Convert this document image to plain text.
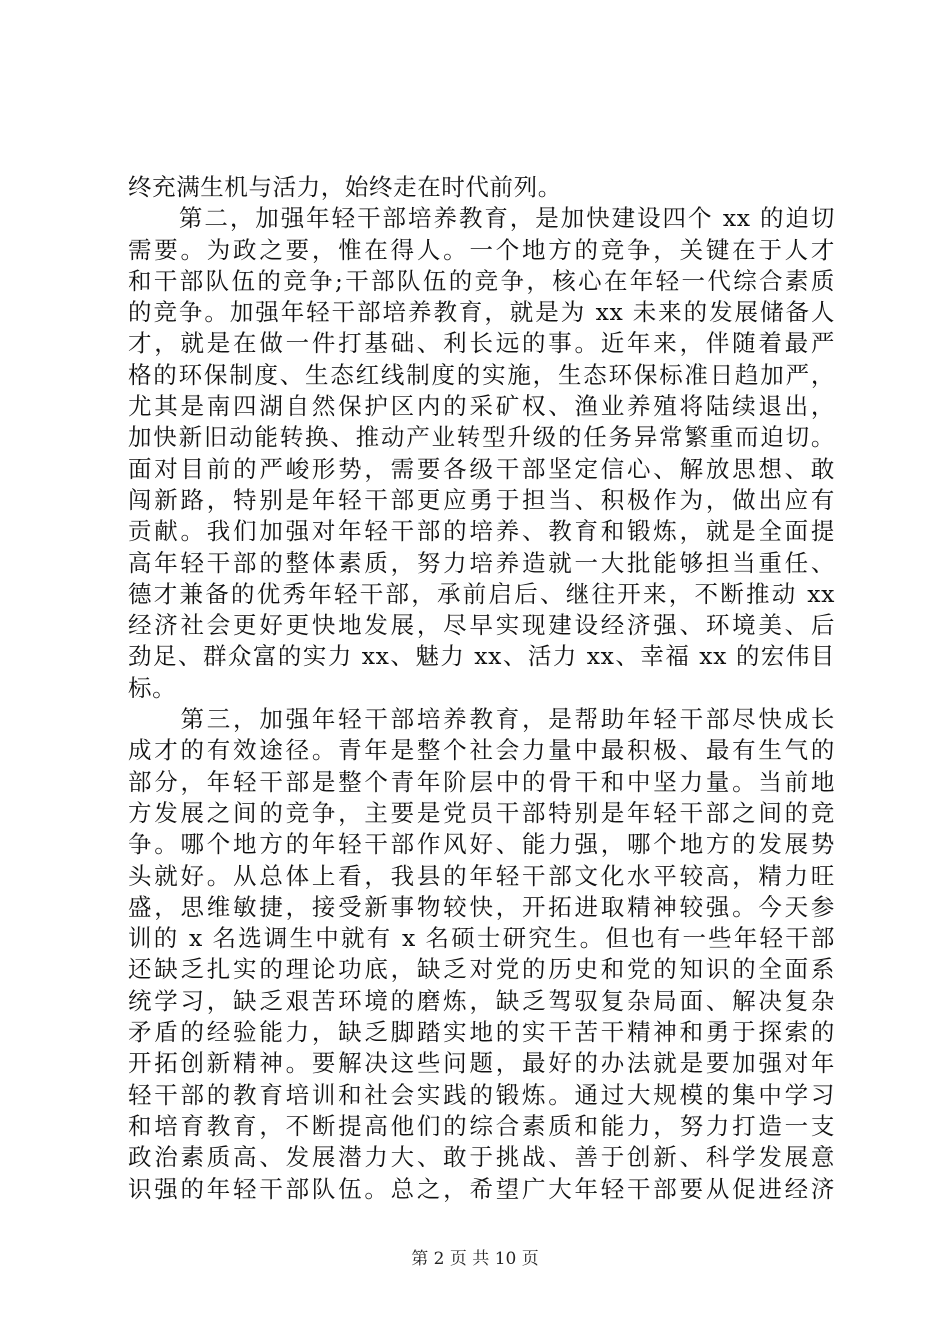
终充满生机与活力，始终走在时代前列。
　　第二，加强年轻干部培养教育，是加快建设四个 xx 的迫切
需要。为政之要，惟在得人。一个地方的竞争，关键在于人才
和干部队伍的竞争;干部队伍的竞争，核心在年轻一代综合素质
的竞争。加强年轻干部培养教育，就是为 xx 未来的发展储备人
才，就是在做一件打基础、利长远的事。近年来，伴随着最严
格的环保制度、生态红线制度的实施，生态环保标准日趋加严，
尤其是南四湖自然保护区内的采矿权、渔业养殖将陆续退出，
加快新旧动能转换、推动产业转型升级的任务异常繁重而迫切。
面对目前的严峻形势，需要各级干部坚定信心、解放思想、敢
闯新路，特别是年轻干部更应勇于担当、积极作为，做出应有
贡献。我们加强对年轻干部的培养、教育和锻炼，就是全面提
高年轻干部的整体素质，努力培养造就一大批能够担当重任、
德才兼备的优秀年轻干部，承前启后、继往开来，不断推动 xx
经济社会更好更快地发展，尽早实现建设经济强、环境美、后
劲足、群众富的实力 xx、魅力 xx、活力 xx、幸福 xx 的宏伟目
标。
　　第三，加强年轻干部培养教育，是帮助年轻干部尽快成长
成才的有效途径。青年是整个社会力量中最积极、最有生气的
部分，年轻干部是整个青年阶层中的骨干和中坚力量。当前地
方发展之间的竞争，主要是党员干部特别是年轻干部之间的竞
争。哪个地方的年轻干部作风好、能力强，哪个地方的发展势
头就好。从总体上看，我县的年轻干部文化水平较高，精力旺
盛，思维敏捷，接受新事物较快，开拓进取精神较强。今天参
训的 x 名选调生中就有 x 名硕士研究生。但也有一些年轻干部
还缺乏扎实的理论功底，缺乏对党的历史和党的知识的全面系
统学习，缺乏艰苦环境的磨炼，缺乏驾驭复杂局面、解决复杂
矛盾的经验能力，缺乏脚踏实地的实干苦干精神和勇于探索的
开拓创新精神。要解决这些问题，最好的办法就是要加强对年
轻干部的教育培训和社会实践的锻炼。通过大规模的集中学习
和培育教育，不断提高他们的综合素质和能力，努力打造一支
政治素质高、发展潜力大、敢于挑战、善于创新、科学发展意
识强的年轻干部队伍。总之，希望广大年轻干部要从促进经济
第 2 页 共 10 页
